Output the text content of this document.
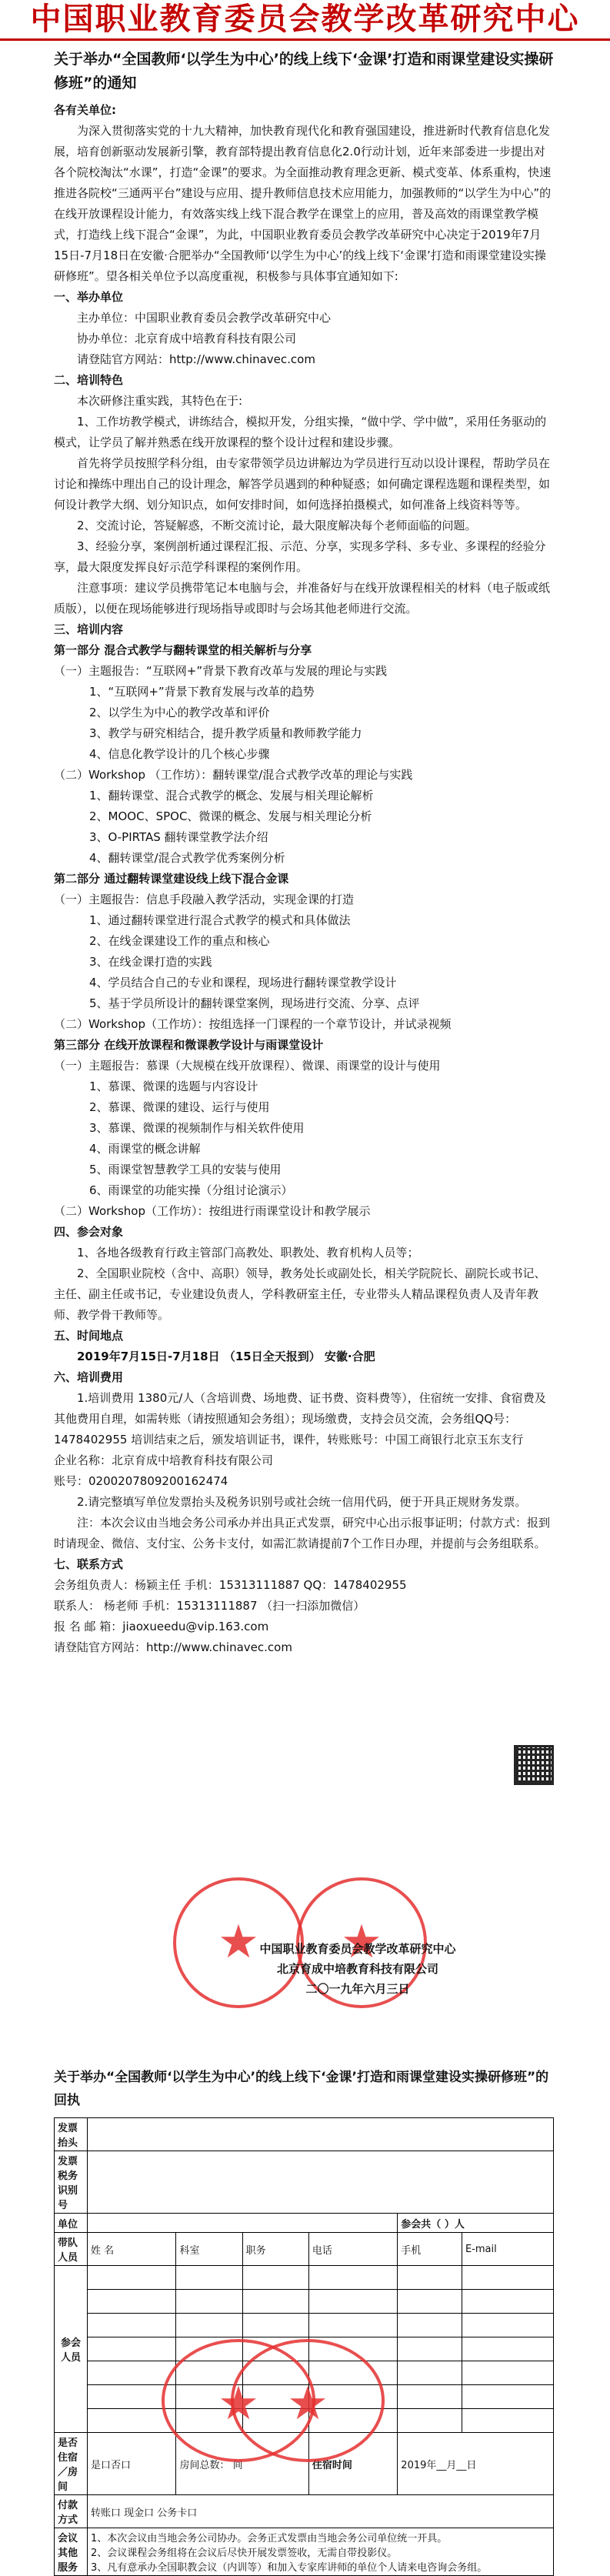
中国职业教育委员会教学改革研究中心
关于举办“全国教师‘以学生为中心’的线上线下‘金课’打造和雨课堂建设实操研修班”的通知

各有关单位:

为深入贯彻落实党的十九大精神，加快教育现代化和教育强国建设，推进新时代教育信息化发展，培育创新驱动发展新引擎，教育部特提出教育信息化2.0行动计划，近年来部委进一步提出对各个院校淘汰“水课”，打造“金课”的要求。为全面推动教育理念更新、模式变革、体系重构，快速推进各院校“三通两平台”建设与应用、提升教师信息技术应用能力，加强教师的“以学生为中心”的在线开放课程设计能力，有效落实线上线下混合教学在课堂上的应用，普及高效的雨课堂教学模式，打造线上线下混合“金课”，为此，中国职业教育委员会教学改革研究中心决定于2019年7月15日-7月18日在安徽·合肥举办“全国教师‘以学生为中心’的线上线下‘金课’打造和雨课堂建设实操研修班”。望各相关单位予以高度重视，积极参与具体事宜通知如下:

一、举办单位

主办单位：中国职业教育委员会教学改革研究中心

协办单位：北京育成中培教育科技有限公司

请登陆官方网站：http://www.chinavec.com

二、培训特色

本次研修注重实践，其特色在于:

1、工作坊教学模式，讲练结合，模拟开发，分组实操，“做中学、学中做”，采用任务驱动的模式，让学员了解并熟悉在线开放课程的整个设计过程和建设步骤。

首先将学员按照学科分组，由专家带领学员边讲解边为学员进行互动以设计课程，帮助学员在讨论和操练中理出自己的设计理念，解答学员遇到的种种疑惑；如何确定课程选题和课程类型，如何设计教学大纲、划分知识点，如何安排时间，如何选择拍摄模式，如何准备上线资料等等。

2、交流讨论，答疑解惑，不断交流讨论，最大限度解决每个老师面临的问题。

3、经验分享，案例剖析通过课程汇报、示范、分享，实现多学科、多专业、多课程的经验分享，最大限度发挥良好示范学科课程的案例作用。

注意事项：建议学员携带笔记本电脑与会，并准备好与在线开放课程相关的材料（电子版或纸质版），以便在现场能够进行现场指导或即时与会场其他老师进行交流。

三、培训内容

第一部分 混合式教学与翻转课堂的相关解析与分享

（一）主题报告：“互联网+”背景下教育改革与发展的理论与实践

1、“互联网+”背景下教育发展与改革的趋势

2、以学生为中心的教学改革和评价

3、教学与研究相结合，提升教学质量和教师教学能力

4、信息化教学设计的几个核心步骤

（二）Workshop （工作坊）：翻转课堂/混合式教学改革的理论与实践

1、翻转课堂、混合式教学的概念、发展与相关理论解析

2、MOOC、SPOC、微课的概念、发展与相关理论分析

3、O-PIRTAS 翻转课堂教学法介绍

4、翻转课堂/混合式教学优秀案例分析

第二部分 通过翻转课堂建设线上线下混合金课

（一）主题报告：信息手段融入教学活动，实现金课的打造

1、通过翻转课堂进行混合式教学的模式和具体做法

2、在线金课建设工作的重点和核心

3、在线金课打造的实践

4、学员结合自己的专业和课程，现场进行翻转课堂教学设计

5、基于学员所设计的翻转课堂案例，现场进行交流、分享、点评

（二）Workshop（工作坊）：按组选择一门课程的一个章节设计，并试录视频

第三部分 在线开放课程和微课教学设计与雨课堂设计

（一）主题报告：慕课（大规模在线开放课程）、微课、雨课堂的设计与使用

1、慕课、微课的选题与内容设计

2、慕课、微课的建设、运行与使用

3、慕课、微课的视频制作与相关软件使用

4、雨课堂的概念讲解

5、雨课堂智慧教学工具的安装与使用

6、雨课堂的功能实操（分组讨论演示）

（二）Workshop（工作坊）：按组进行雨课堂设计和教学展示

四、参会对象

1、各地各级教育行政主管部门高教处、职教处、教育机构人员等；

2、全国职业院校（含中、高职）领导，教务处长或副处长，相关学院院长、副院长或书记、主任、副主任或书记，专业建设负责人，学科教研室主任，专业带头人精品课程负责人及青年教师、教学骨干教师等。

五、时间地点

2019年7月15日-7月18日 （15日全天报到） 安徽·合肥

六、培训费用

1.培训费用 1380元/人（含培训费、场地费、证书费、资料费等），住宿统一安排、食宿费及其他费用自理，如需转账（请按照通知会务组）；现场缴费，支持会员交流，会务组QQ号：1478402955 培训结束之后，颁发培训证书，课件，转账账号：中国工商银行北京玉东支行

企业名称：北京育成中培教育科技有限公司

账号：0200207809200162474

2.请完整填写单位发票抬头及税务识别号或社会统一信用代码，便于开具正规财务发票。

注：本次会议由当地会务公司承办并出具正式发票，研究中心出示报事证明；付款方式：报到时请现金、微信、支付宝、公务卡支付，如需汇款请提前7个工作日办理，并提前与会务组联系。

七、联系方式

会务组负责人：杨颖主任 手机：15313111887 QQ：1478402955

联系人： 杨老师 手机：15313111887 （扫一扫添加微信）

报 名 邮 箱：jiaoxueedu@vip.163.com

请登陆官方网站：http://www.chinavec.com

★	★
中国职业教育委员会教学改革研究中心
北京育成中培教育科技有限公司
二〇一九年六月三日
关于举办“全国教师‘以学生为中心’的线上线下‘金课’打造和雨课堂建设实操研修班”的回执
发票抬头						
发票税务识别号						
单位					参会共（ ）人	
带队人员	姓 名	科室	职务	电话	手机	E-mail
参会人员						

是否住宿／房间	是口否口	房间总数： 间		住宿时间	2019年__月__日	
付款方式	转账口 现金口 公务卡口					
会议其他服务	1、本次会议由当地会务公司协办。会务正式发票由当地会务公司单位统一开具。
2、会议课程会务组将在会议后尽快开展发票签收，无需自带投影仪。
3、凡有意承办全国职教会议（内训等）和加入专家库讲师的单位个人请来电咨询会务组。					
★ ★
